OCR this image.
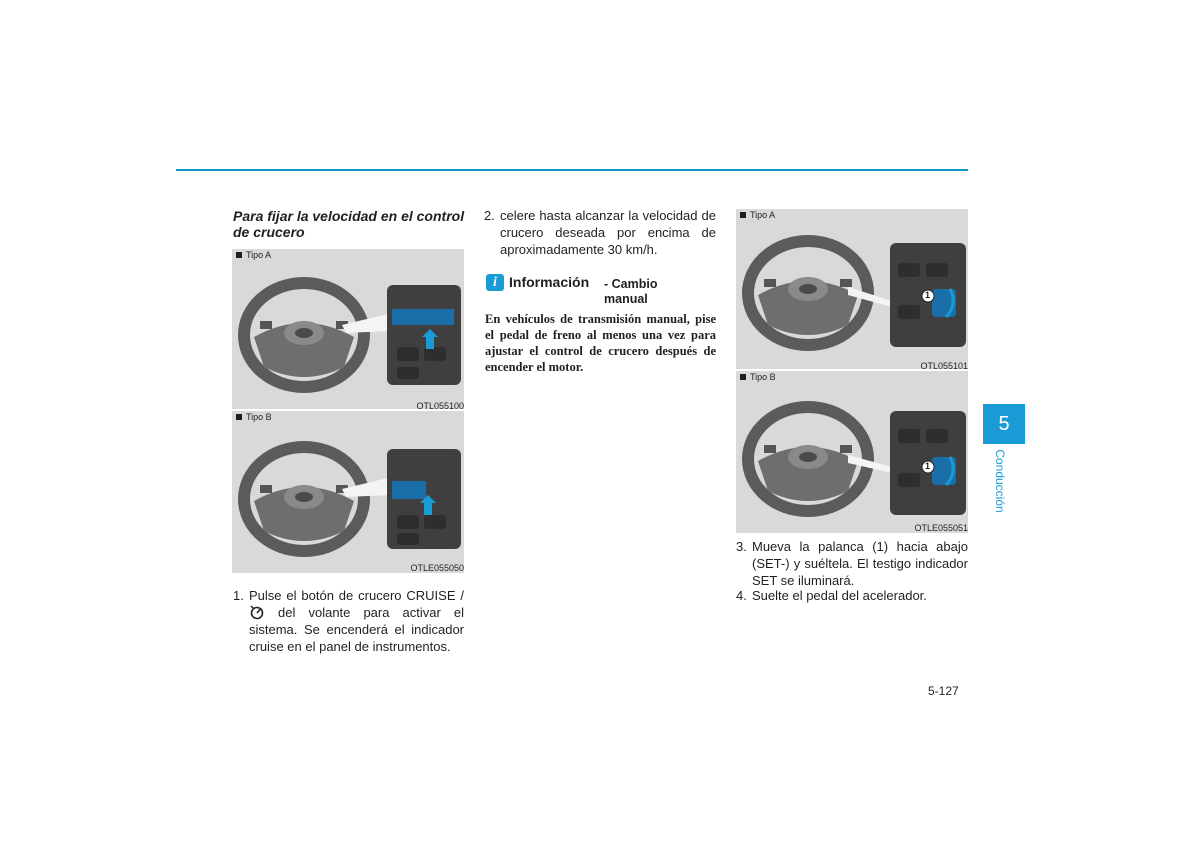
Para fijar la velocidad en el control de crucero
Tipo A
OTL055100
Tipo B
OTLE055050
1. Pulse el botón de crucero CRUISE /  del volante para activar el sistema. Se encenderá el indicador cruise en el panel de instrumentos.
2. celere hasta alcanzar la velocidad de crucero deseada por encima de aproximadamente 30 km/h.
i Información - Cambio manual
En vehículos de transmisión manual, pise el pedal de freno al menos una vez para ajustar el control de crucero después de encender el motor.
Tipo A
1
OTL055101
Tipo B
1
OTLE055051
3. Mueva la palanca (1) hacia abajo (SET-) y suéltela. El testigo indicador SET se iluminará.
4. Suelte el pedal del acelerador.
5
Conducción
5-127
